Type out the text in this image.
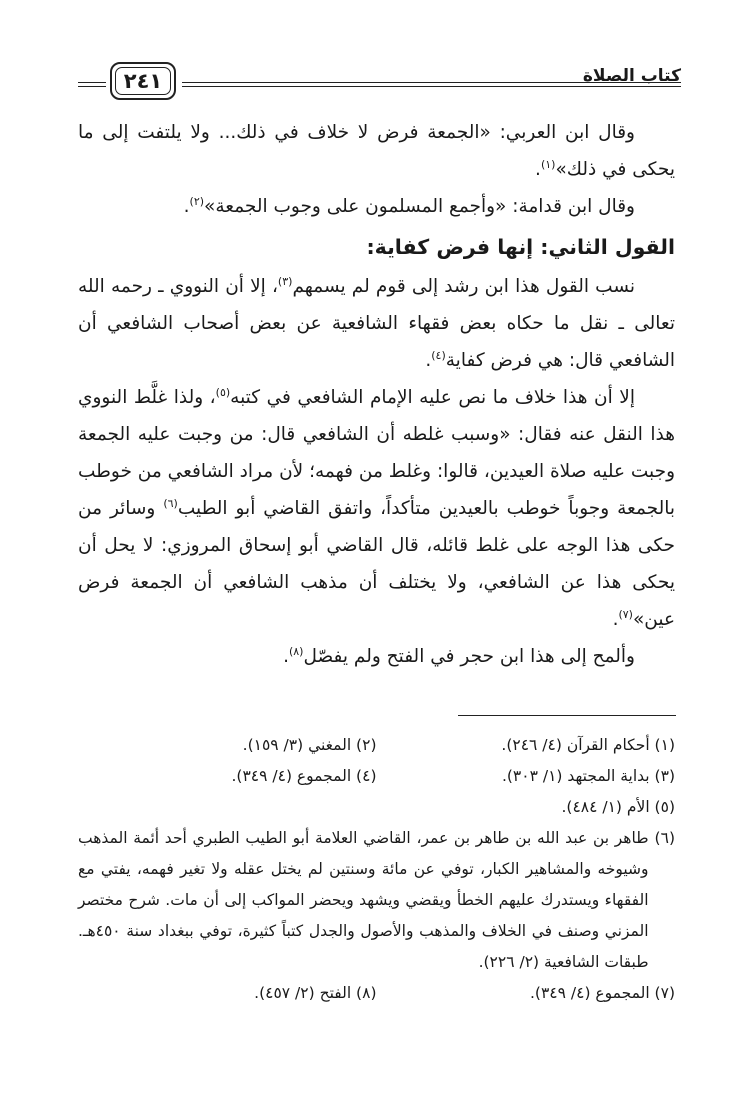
كتاب الصلاة
٢٤١

وقال ابن العربي: «الجمعة فرض لا خلاف في ذلك... ولا يلتفت إلى ما يحكى في ذلك»$^{(١)}$.

وقال ابن قدامة: «وأجمع المسلمون على وجوب الجمعة»$^{(٢)}$.

القول الثاني: إنها فرض كفاية:

نسب القول هذا ابن رشد إلى قوم لم يسمهم$^{(٣)}$، إلا أن النووي ـ رحمه الله تعالى ـ نقل ما حكاه بعض فقهاء الشافعية عن بعض أصحاب الشافعي أن الشافعي قال: هي فرض كفاية$^{(٤)}$.

إلا أن هذا خلاف ما نص عليه الإمام الشافعي في كتبه$^{(٥)}$، ولذا غلَّط النووي هذا النقل عنه فقال: «وسبب غلطه أن الشافعي قال: من وجبت عليه الجمعة وجبت عليه صلاة العيدين، قالوا: وغلط من فهمه؛ لأن مراد الشافعي من خوطب بالجمعة وجوباً خوطب بالعيدين متأكداً، واتفق القاضي أبو الطيب$^{(٦)}$ وسائر من حكى هذا الوجه على غلط قائله، قال القاضي أبو إسحاق المروزي: لا يحل أن يحكى هذا عن الشافعي، ولا يختلف أن مذهب الشافعي أن الجمعة فرض عين»$^{(٧)}$.

وألمح إلى هذا ابن حجر في الفتح ولم يفصّل$^{(٨)}$.

(١) أحكام القرآن (٤/ ٢٤٦).
(٢) المغني (٣/ ١٥٩).
(٣) بداية المجتهد (١/ ٣٠٣).
(٤) المجموع (٤/ ٣٤٩).
(٥) الأم (١/ ٤٨٤).
(٦)
طاهر بن عبد الله بن طاهر بن عمر، القاضي العلامة أبو الطيب الطبري أحد أئمة المذهب وشيوخه والمشاهير الكبار، توفي عن مائة وسنتين لم يختل عقله ولا تغير فهمه، يفتي مع الفقهاء ويستدرك عليهم الخطأ ويقضي ويشهد ويحضر المواكب إلى أن مات. شرح مختصر المزني وصنف في الخلاف والمذهب والأصول والجدل كتباً كثيرة، توفي ببغداد سنة ٤٥٠هـ. طبقات الشافعية (٢/ ٢٢٦).
(٧) المجموع (٤/ ٣٤٩).
(٨) الفتح (٢/ ٤٥٧).
